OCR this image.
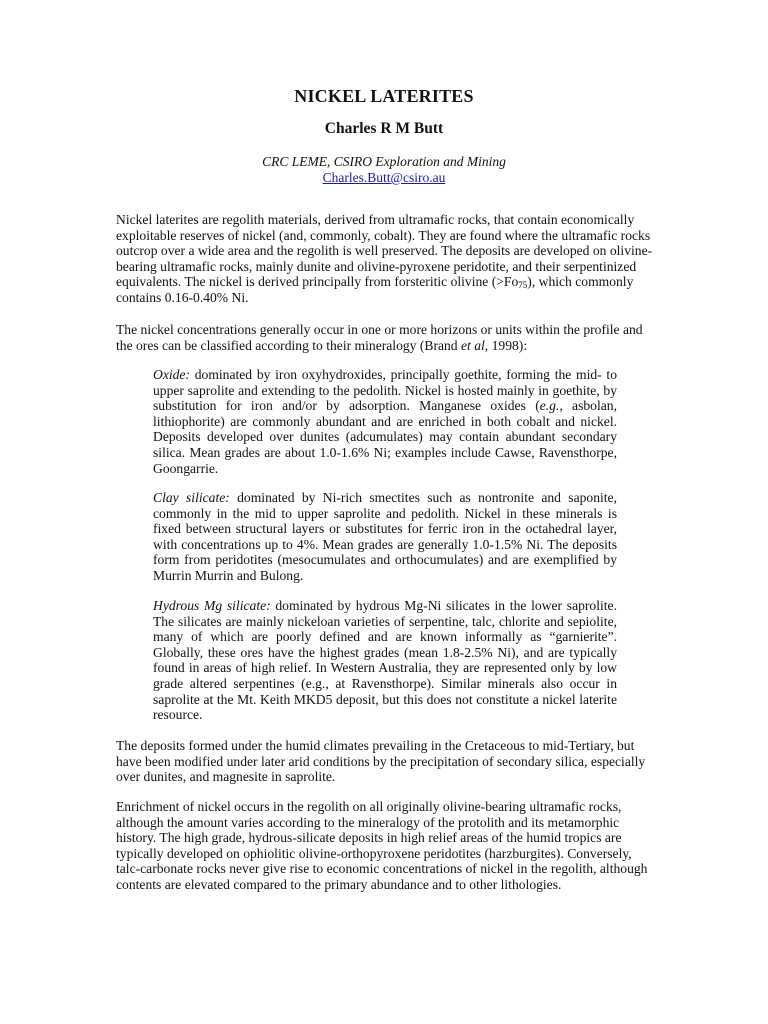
NICKEL LATERITES
Charles R M Butt
CRC LEME, CSIRO Exploration and Mining
Charles.Butt@csiro.au

Nickel laterites are regolith materials, derived from ultramafic rocks, that contain economically exploitable reserves of nickel (and, commonly, cobalt). They are found where the ultramafic rocks outcrop over a wide area and the regolith is well preserved. The deposits are developed on olivine-bearing ultramafic rocks, mainly dunite and olivine-pyroxene peridotite, and their serpentinized equivalents. The nickel is derived principally from forsteritic olivine $(>Fo_{75})$, which commonly contains 0.16-0.40% Ni.

The nickel concentrations generally occur in one or more horizons or units within the profile and the ores can be classified according to their mineralogy (Brand et al, 1998):

Oxide: dominated by iron oxyhydroxides, principally goethite, forming the mid- to upper saprolite and extending to the pedolith. Nickel is hosted mainly in goethite, by substitution for iron and/or by adsorption. Manganese oxides (e.g., asbolan, lithiophorite) are commonly abundant and are enriched in both cobalt and nickel. Deposits developed over dunites (adcumulates) may contain abundant secondary silica. Mean grades are about 1.0-1.6% Ni; examples include Cawse, Ravensthorpe, Goongarrie.

Clay silicate: dominated by Ni-rich smectites such as nontronite and saponite, commonly in the mid to upper saprolite and pedolith. Nickel in these minerals is fixed between structural layers or substitutes for ferric iron in the octahedral layer, with concentrations up to 4%. Mean grades are generally 1.0-1.5% Ni. The deposits form from peridotites (mesocumulates and orthocumulates) and are exemplified by Murrin Murrin and Bulong.

Hydrous Mg silicate: dominated by hydrous Mg-Ni silicates in the lower saprolite. The silicates are mainly nickeloan varieties of serpentine, talc, chlorite and sepiolite, many of which are poorly defined and are known informally as “garnierite”. Globally, these ores have the highest grades (mean 1.8-2.5% Ni), and are typically found in areas of high relief. In Western Australia, they are represented only by low grade altered serpentines (e.g., at Ravensthorpe). Similar minerals also occur in saprolite at the Mt. Keith MKD5 deposit, but this does not constitute a nickel laterite resource.

The deposits formed under the humid climates prevailing in the Cretaceous to mid-Tertiary, but have been modified under later arid conditions by the precipitation of secondary silica, especially over dunites, and magnesite in saprolite.

Enrichment of nickel occurs in the regolith on all originally olivine-bearing ultramafic rocks, although the amount varies according to the mineralogy of the protolith and its metamorphic history. The high grade, hydrous-silicate deposits in high relief areas of the humid tropics are typically developed on ophiolitic olivine-orthopyroxene peridotites (harzburgites). Conversely, talc-carbonate rocks never give rise to economic concentrations of nickel in the regolith, although contents are elevated compared to the primary abundance and to other lithologies.
